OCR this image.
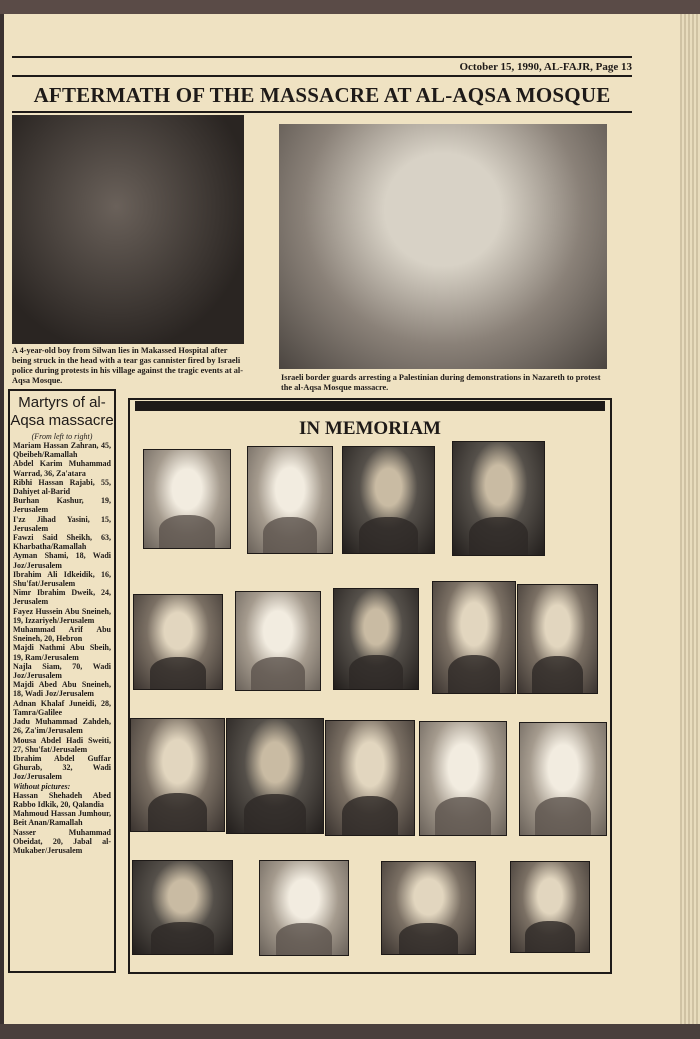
October 15, 1990, AL-FAJR, Page 13
AFTERMATH OF THE MASSACRE AT AL-AQSA MOSQUE
A 4-year-old boy from Silwan lies in Makassed Hospital after being struck in the head with a tear gas cannister fired by Israeli police during protests in his village against the tragic events at al-Aqsa Mosque.	Israeli border guards arresting a Palestinian during demonstrations in Nazareth to protest the al-Aqsa Mosque massacre.
Martyrs of al-Aqsa massacre
(From left to right)
Mariam Hassan Zahran, 45, Qbeibeh/Ramallah
Abdel Karim Muhammad Warrad, 36, Za'atara
Ribhi Hassan Rajabi, 55, Dahiyet al-Barid
Burhan Kashur, 19, Jerusalem
I'zz Jihad Yasini, 15, Jerusalem
Fawzi Said Sheikh, 63, Kharbatha/Ramallah
Ayman Shami, 18, Wadi Joz/Jerusalem
Ibrahim Ali Idkeidik, 16, Shu'fat/Jerusalem
Nimr Ibrahim Dweik, 24, Jerusalem
Fayez Hussein Abu Sneineh, 19, Izzariyeh/Jerusalem
Muhammad Arif Abu Sneineh, 20, Hebron
Majdi Nathmi Abu Sbeih, 19, Ram/Jerusalem
Najla Siam, 70, Wadi Joz/Jerusalem
Majdi Abed Abu Sneineh, 18, Wadi Joz/Jerusalem
Adnan Khalaf Juneidi, 28, Tamra/Galilee
Jadu Muhammad Zahdeh, 26, Za'im/Jerusalem
Mousa Abdel Hadi Sweiti, 27, Shu'fat/Jerusalem
Ibrahim Abdel Guffar Ghurab, 32, Wadi Joz/Jerusalem
Without pictures:
Hassan Shehadeh Abed Rabbo Idkik, 20, Qalandia
Mahmoud Hassan Jumhour, Beit Anan/Ramallah
Nasser Muhammad Obeidat, 20, Jabal al-Mukaber/Jerusalem
IN MEMORIAM
